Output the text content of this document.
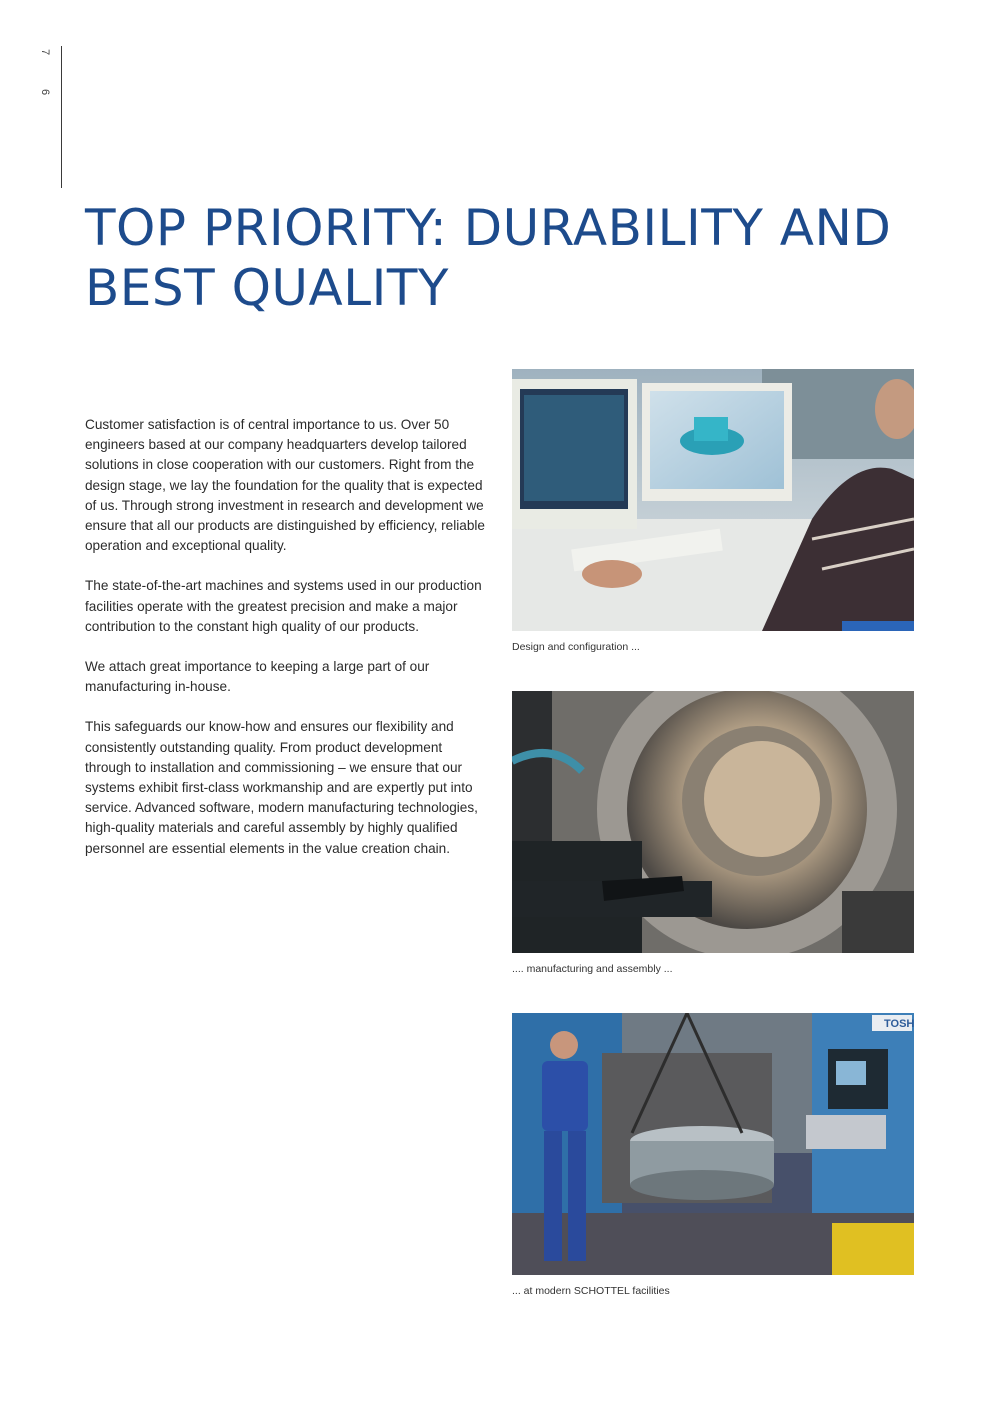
7
6
TOP PRIORITY: DURABILITY AND
BEST QUALITY

Customer satisfaction is of central importance to us. Over 50 engineers based at our company headquarters develop tailored solutions in close cooperation with our customers. Right from the design stage, we lay the foundation for the quality that is expected of us. Through strong investment in research and development we ensure that all our products are distinguished by efficiency, reliable operation and exceptional quality.

The state-of-the-art machines and systems used in our production facilities operate with the greatest precision and make a major contribution to the constant high quality of our products.

We attach great importance to keeping a large part of our manufacturing in-house.

This safeguards our know-how and ensures our flexibility and consistently outstanding quality. From product development through to installation and commissioning – we ensure that our systems exhibit first-class workmanship and are expertly put into service. Advanced software, modern manufacturing technologies, high-quality materials and careful assembly by highly qualified personnel are essential elements in the value creation chain.

Design and configuration ...
.... manufacturing and assembly ...
TOSH
... at modern SCHOTTEL facilities
